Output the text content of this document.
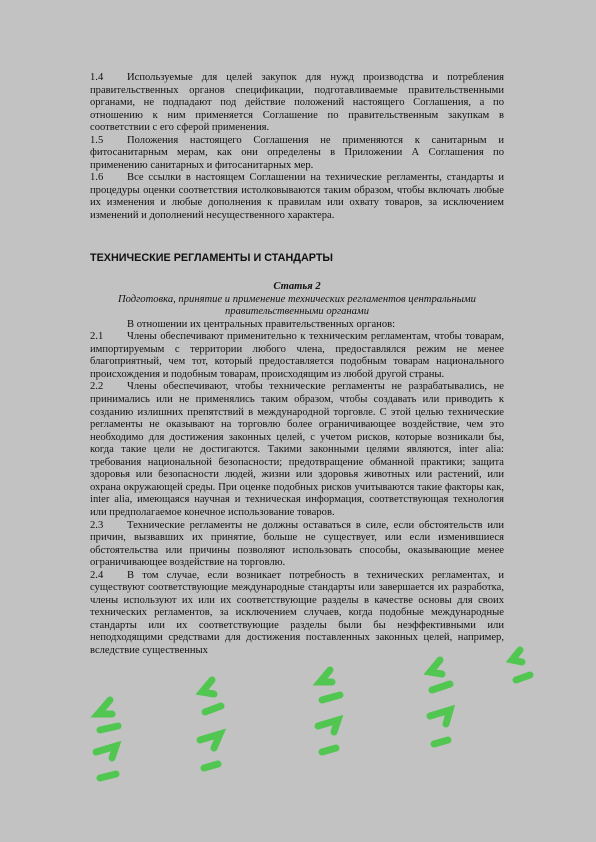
1.4 Используемые для целей закупок для нужд производства и потребления правительственных органов спецификации, подготавливаемые правительственными органами, не подпадают под действие положений настоящего Соглашения, а по отношению к ним применяется Соглашение по правительственным закупкам в соответствии с его сферой применения.

1.5 Положения настоящего Соглашения не применяются к санитарным и фитосанитарным мерам, как они определены в Приложении А Соглашения по применению санитарных и фитосанитарных мер.

1.6 Все ссылки в настоящем Соглашении на технические регламенты, стандарты и процедуры оценки соответствия истолковываются таким образом, чтобы включать любые их изменения и любые дополнения к правилам или охвату товаров, за исключением изменений и дополнений несущественного характера.

ТЕХНИЧЕСКИЕ РЕГЛАМЕНТЫ И СТАНДАРТЫ

Статья 2

Подготовка, принятие и применение технических регламентов центральными правительственными органами

В отношении их центральных правительственных органов:

2.1 Члены обеспечивают применительно к техническим регламентам, чтобы товарам, импортируемым с территории любого члена, предоставлялся режим не менее благоприятный, чем тот, который предоставляется подобным товарам национального происхождения и подобным товарам, происходящим из любой другой страны.

2.2 Члены обеспечивают, чтобы технические регламенты не разрабатывались, не принимались или не применялись таким образом, чтобы создавать или приводить к созданию излишних препятствий в международной торговле. С этой целью технические регламенты не оказывают на торговлю более ограничивающее воздействие, чем это необходимо для достижения законных целей, с учетом рисков, которые возникали бы, когда такие цели не достигаются. Такими законными целями являются, inter alia: требования национальной безопасности; предотвращение обманной практики; защита здоровья или безопасности людей, жизни или здоровья животных или растений, или охрана окружающей среды. При оценке подобных рисков учитываются такие факторы как, inter alia, имеющаяся научная и техническая информация, соответствующая технология или предполагаемое конечное использование товаров.

2.3 Технические регламенты не должны оставаться в силе, если обстоятельств или причин, вызвавших их принятие, больше не существует, или если изменившиеся обстоятельства или причины позволяют использовать способы, оказывающие менее ограничивающее воздействие на торговлю.

2.4 В том случае, если возникает потребность в технических регламентах, и существуют соответствующие международные стандарты или завершается их разработка, члены используют их или их соответствующие разделы в качестве основы для своих технических регламентов, за исключением случаев, когда подобные международные стандарты или их соответствующие разделы были бы неэффективными или неподходящими средствами для достижения поставленных законных целей, например, вследствие существенных
